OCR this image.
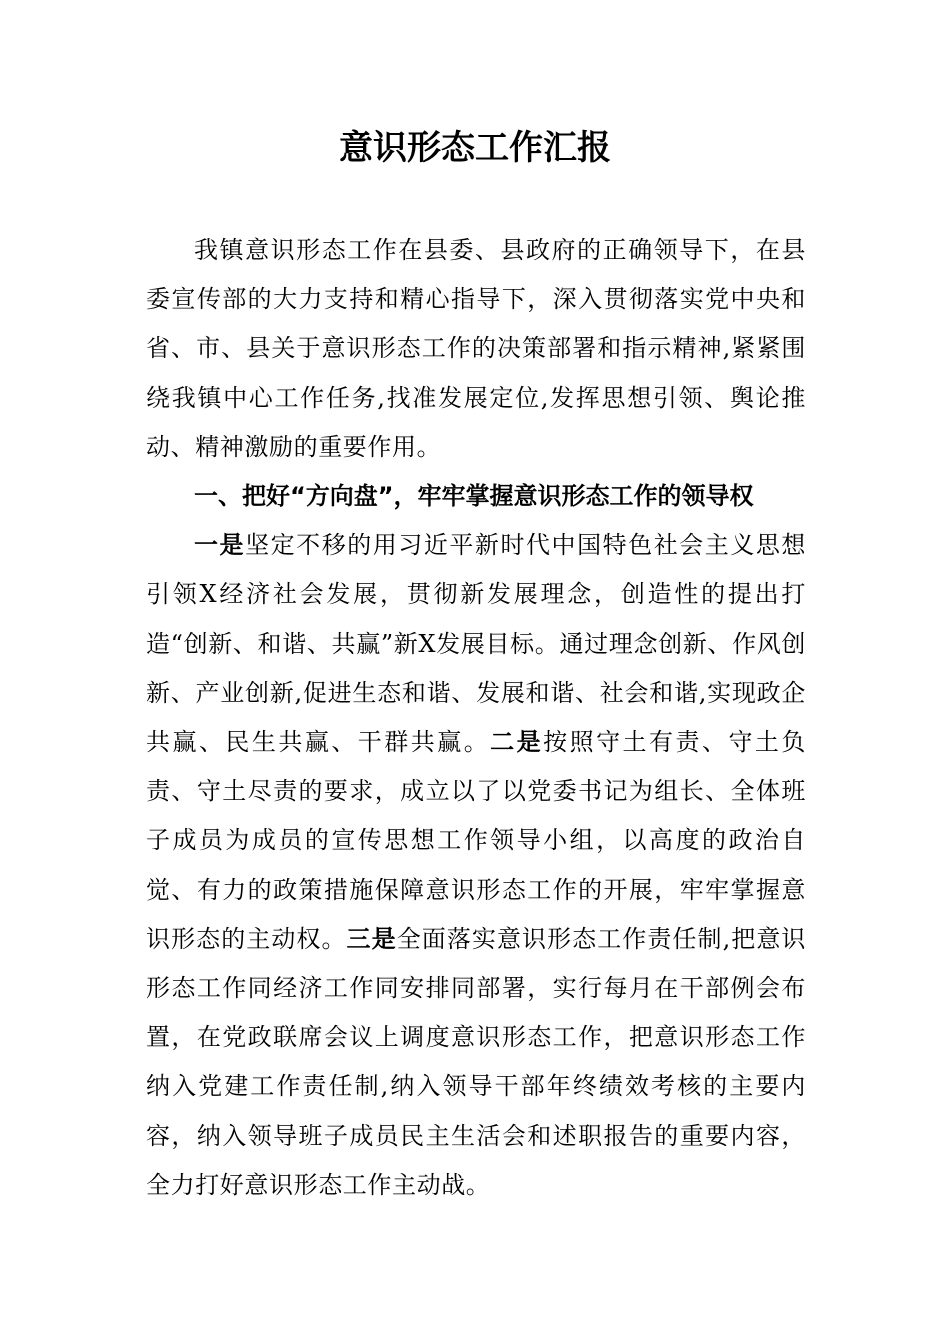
意识形态工作汇报

我镇意识形态工作在县委、县政府的正确领导下，在县委宣传部的大力支持和精心指导下，深入贯彻落实党中央和省、市、县关于意识形态工作的决策部署和指示精神,紧紧围绕我镇中心工作任务,找准发展定位,发挥思想引领、舆论推动、精神激励的重要作用。

一、把好“方向盘”，牢牢掌握意识形态工作的领导权

一是坚定不移的用习近平新时代中国特色社会主义思想引领X经济社会发展，贯彻新发展理念，创造性的提出打造“创新、和谐、共赢”新X发展目标。通过理念创新、作风创新、产业创新,促进生态和谐、发展和谐、社会和谐,实现政企共赢、民生共赢、干群共赢。二是按照守土有责、守土负责、守土尽责的要求，成立以了以党委书记为组长、全体班子成员为成员的宣传思想工作领导小组，以高度的政治自觉、有力的政策措施保障意识形态工作的开展，牢牢掌握意识形态的主动权。三是全面落实意识形态工作责任制,把意识形态工作同经济工作同安排同部署，实行每月在干部例会布置，在党政联席会议上调度意识形态工作，把意识形态工作纳入党建工作责任制,纳入领导干部年终绩效考核的主要内容，纳入领导班子成员民主生活会和述职报告的重要内容，全力打好意识形态工作主动战。
